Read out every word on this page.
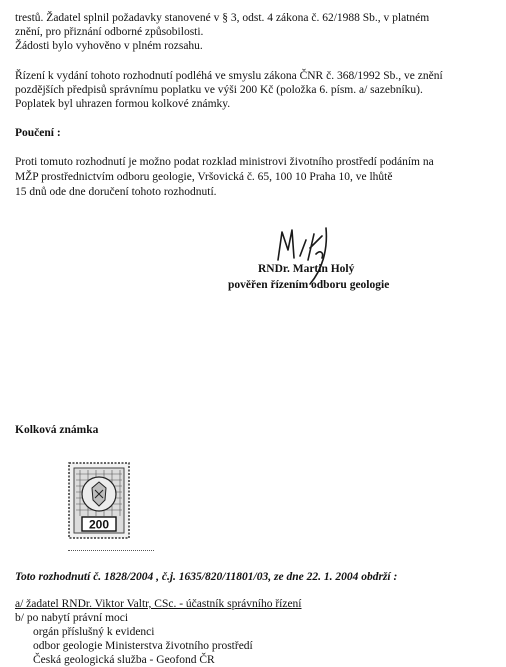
trestů. Žadatel splnil požadavky stanovené v § 3, odst. 4 zákona č. 62/1988 Sb., v platném
znění, pro přiznání odborné způsobilosti.
Žádosti bylo vyhověno v plném rozsahu.
Řízení k vydání tohoto rozhodnutí podléhá ve smyslu zákona ČNR č. 368/1992 Sb., ve znění
pozdějších předpisů správnímu poplatku ve výši 200 Kč (položka 6. písm. a/ sazebníku).
Poplatek byl uhrazen formou kolkové známky.
Poučení :
Proti tomuto rozhodnutí je možno podat rozklad ministrovi životního prostředí podáním na
MŽP prostřednictvím odboru geologie, Vršovická č. 65, 100 10 Praha 10, ve lhůtě
15 dnů ode dne doručení tohoto rozhodnutí.
RNDr. Martin Holý
pověřen řízením odboru geologie
Kolková známka
200
Toto rozhodnutí č. 1828/2004 , č.j. 1635/820/11801/03, ze dne 22. 1. 2004 obdrží :
a/ žadatel RNDr. Viktor Valtr, CSc. - účastník správního řízení
b/ po nabytí právní moci
orgán příslušný k evidenci
odbor geologie Ministerstva životního prostředí
Česká geologická služba - Geofond ČR
